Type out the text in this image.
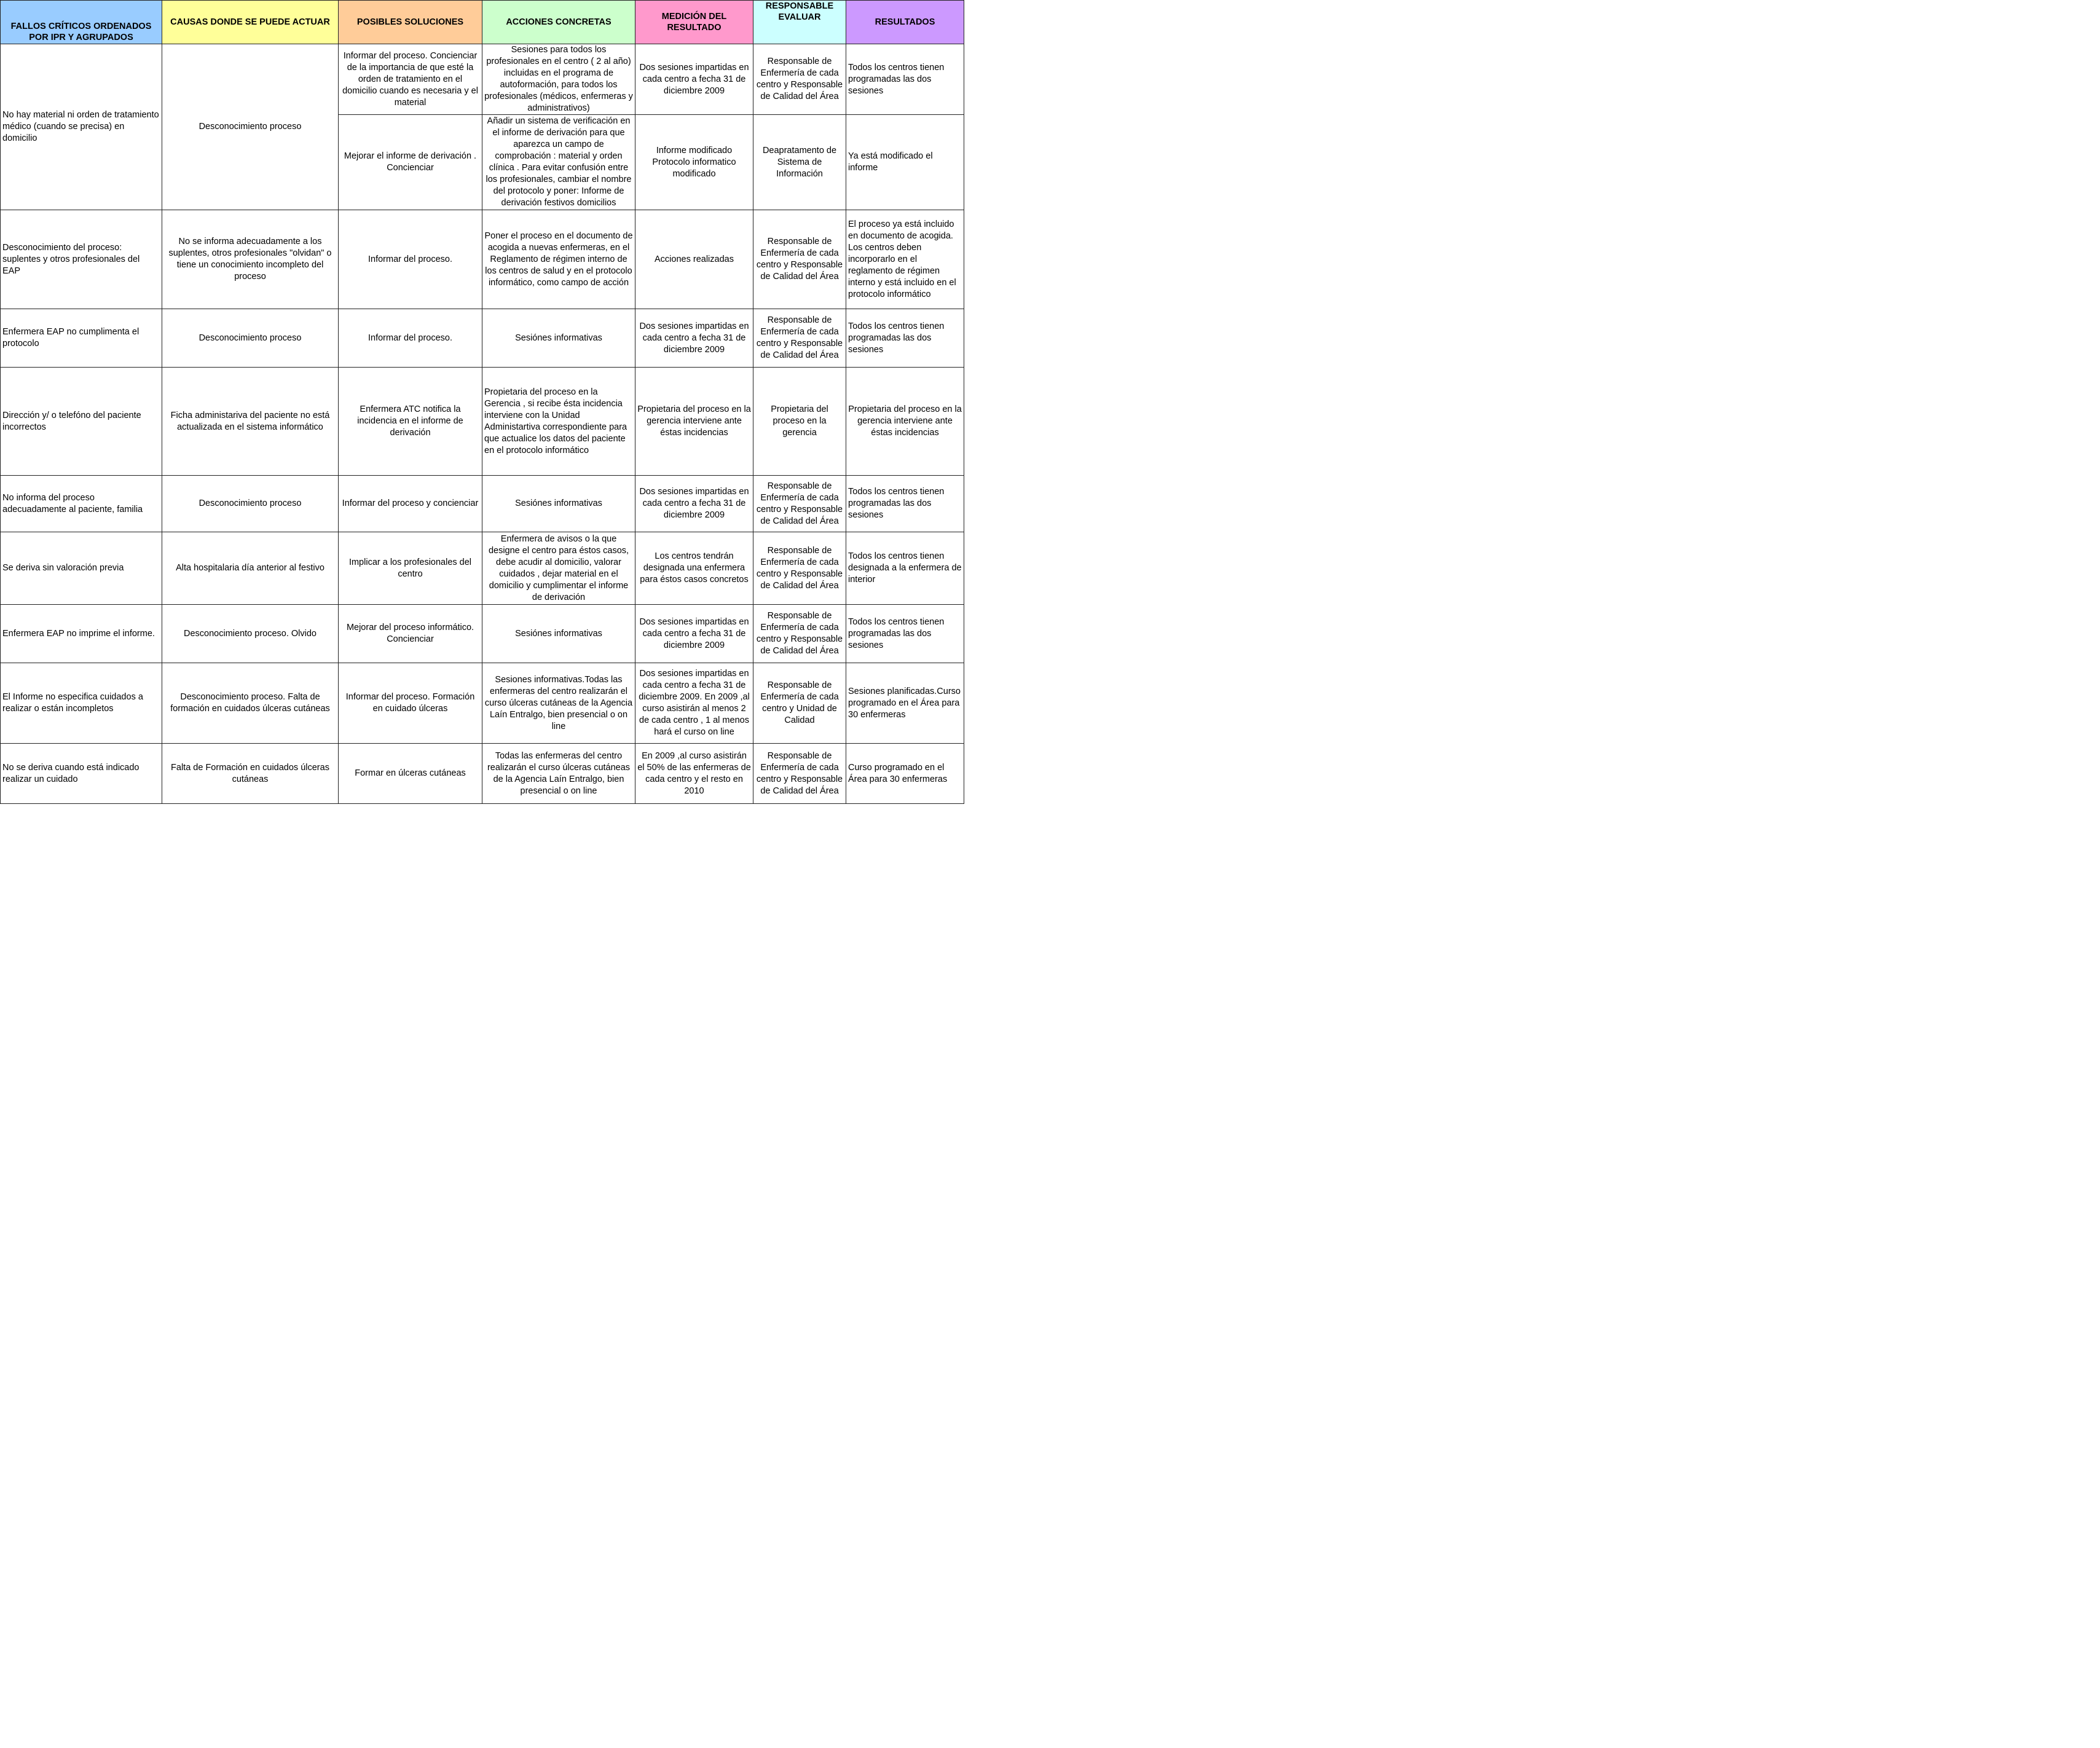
FALLOS CRÍTICOS ORDENADOS POR IPR Y AGRUPADOS	CAUSAS DONDE SE PUEDE ACTUAR	POSIBLES SOLUCIONES	ACCIONES CONCRETAS	MEDICIÓN DEL RESULTADO	RESPONSABLE EVALUAR	RESULTADOS
No hay material ni orden de tratamiento médico (cuando se precisa) en domicilio	Desconocimiento proceso	Informar del proceso. Concienciar de la importancia de que esté la orden de tratamiento en el domicilio cuando es necesaria y el material	Sesiones para todos los profesionales en el centro ( 2 al año) incluidas en el programa de autoformación, para todos los profesionales (médicos, enfermeras y administrativos)	Dos sesiones impartidas en cada centro a fecha 31 de diciembre 2009	Responsable de Enfermería de cada centro y Responsable de Calidad del Área	Todos los centros tienen programadas las dos sesiones
		Mejorar el informe de derivación . Concienciar	Añadir un sistema de verificación en el informe de derivación para que aparezca un campo de comprobación : material y orden clínica . Para evitar confusión entre los profesionales, cambiar el nombre del protocolo y poner: Informe de derivación festivos domicilios	Informe modificado Protocolo informatico modificado	Deapratamento de Sistema de Información	Ya está modificado el informe
Desconocimiento del proceso: suplentes y otros profesionales del EAP	No se informa adecuadamente a los suplentes, otros profesionales "olvidan" o tiene un conocimiento incompleto del proceso	Informar del proceso.	Poner el proceso en el documento de acogida a nuevas enfermeras, en el Reglamento de régimen interno de los centros de salud y en el protocolo informático, como campo de acción	Acciones realizadas	Responsable de Enfermería de cada centro y Responsable de Calidad del Área	El proceso ya está incluido en documento de acogida. Los centros deben incorporarlo en el reglamento de régimen interno y está incluido en el protocolo informático
Enfermera EAP no cumplimenta el protocolo	Desconocimiento proceso	Informar del proceso.	Sesiónes informativas	Dos sesiones impartidas en cada centro a fecha 31 de diciembre 2009	Responsable de Enfermería de cada centro y Responsable de Calidad del Área	Todos los centros tienen programadas las dos sesiones
Dirección y/ o telefóno del paciente incorrectos	Ficha administariva del paciente no está actualizada en el sistema informático	Enfermera ATC notifica la incidencia en el informe de derivación	Propietaria del proceso en la Gerencia , si recibe ésta incidencia interviene con la Unidad Administartiva correspondiente para que actualice los datos del paciente en el protocolo informático	Propietaria del proceso en la gerencia interviene ante éstas incidencias	Propietaria del proceso en la gerencia	Propietaria del proceso en la gerencia interviene ante éstas incidencias
No informa del proceso adecuadamente al paciente, familia	Desconocimiento proceso	Informar del proceso y concienciar	Sesiónes informativas	Dos sesiones impartidas en cada centro a fecha 31 de diciembre 2009	Responsable de Enfermería de cada centro y Responsable de Calidad del Área	Todos los centros tienen programadas las dos sesiones
Se deriva sin valoración previa	Alta hospitalaria día anterior al festivo	Implicar a los profesionales del centro	Enfermera de avisos o la que designe el centro para éstos casos, debe acudir al domicilio, valorar cuidados , dejar material en el domicilio y cumplimentar el informe de derivación	Los centros tendrán designada una enfermera para éstos casos concretos	Responsable de Enfermería de cada centro y Responsable de Calidad del Área	Todos los centros tienen designada a la enfermera de interior
Enfermera EAP no imprime el informe.	Desconocimiento proceso. Olvido	Mejorar del proceso informático. Concienciar	Sesiónes informativas	Dos sesiones impartidas en cada centro a fecha 31 de diciembre 2009	Responsable de Enfermería de cada centro y Responsable de Calidad del Área	Todos los centros tienen programadas las dos sesiones
El Informe no especifica cuidados a realizar o están incompletos	Desconocimiento proceso. Falta de formación en cuidados úlceras cutáneas	Informar del proceso. Formación en cuidado úlceras	Sesiones informativas.Todas las enfermeras del centro realizarán el curso úlceras cutáneas de la Agencia Laín Entralgo, bien presencial o on line	Dos sesiones impartidas en cada centro a fecha 31 de diciembre 2009. En 2009 ,al curso asistirán al menos 2 de cada centro , 1 al menos hará el curso on line	Responsable de Enfermería de cada centro y Unidad de Calidad	Sesiones planificadas.Curso programado en el Área para 30 enfermeras
No se deriva cuando está indicado realizar un cuidado	Falta de Formación en cuidados úlceras cutáneas	Formar en úlceras cutáneas	Todas las enfermeras del centro realizarán el curso úlceras cutáneas de la Agencia Laín Entralgo, bien presencial o on line	En 2009 ,al curso asistirán el 50% de las enfermeras de cada centro y el resto en 2010	Responsable de Enfermería de cada centro y Responsable de Calidad del Área	Curso programado en el Área para 30 enfermeras
